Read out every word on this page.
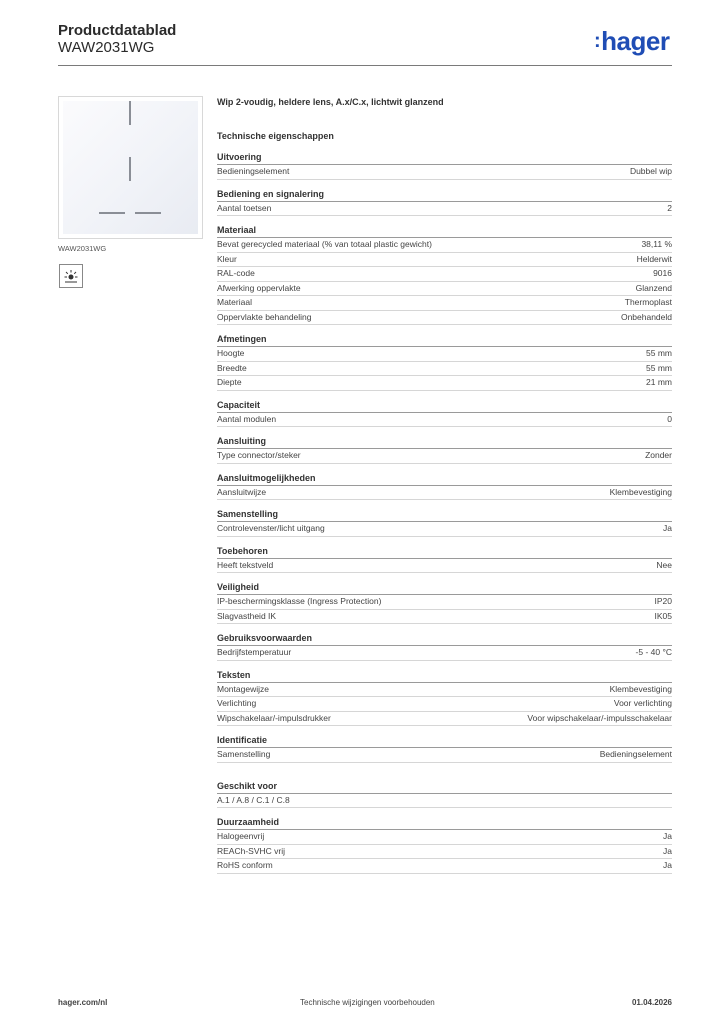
Productdatablad
WAW2031WG	:hager
WAW2031WG
Wip 2-voudig, heldere lens, A.x/C.x, lichtwit glanzend
Technische eigenschappen
Uitvoering
Bedieningselement	Dubbel wip
Bediening en signalering
Aantal toetsen	2
Materiaal
Bevat gerecycled materiaal (% van totaal plastic gewicht)	38,11 %
Kleur	Helderwit
RAL-code	9016
Afwerking oppervlakte	Glanzend
Materiaal	Thermoplast
Oppervlakte behandeling	Onbehandeld
Afmetingen
Hoogte	55 mm
Breedte	55 mm
Diepte	21 mm
Capaciteit
Aantal modulen	0
Aansluiting
Type connector/steker	Zonder
Aansluitmogelijkheden
Aansluitwijze	Klembevestiging
Samenstelling
Controlevenster/licht uitgang	Ja
Toebehoren
Heeft tekstveld	Nee
Veiligheid
IP-beschermingsklasse (Ingress Protection)	IP20
Slagvastheid IK	IK05
Gebruiksvoorwaarden
Bedrijfstemperatuur	-5 - 40 °C
Teksten
Montagewijze	Klembevestiging
Verlichting	Voor verlichting
Wipschakelaar/-impulsdrukker	Voor wipschakelaar/-impulsschakelaar
Identificatie
Samenstelling	Bedieningselement
Geschikt voor
A.1 / A.8 / C.1 / C.8
Duurzaamheid
Halogeenvrij	Ja
REACh-SVHC vrij	Ja
RoHS conform	Ja
hager.com/nl	Technische wijzigingen voorbehouden	01.04.2026
